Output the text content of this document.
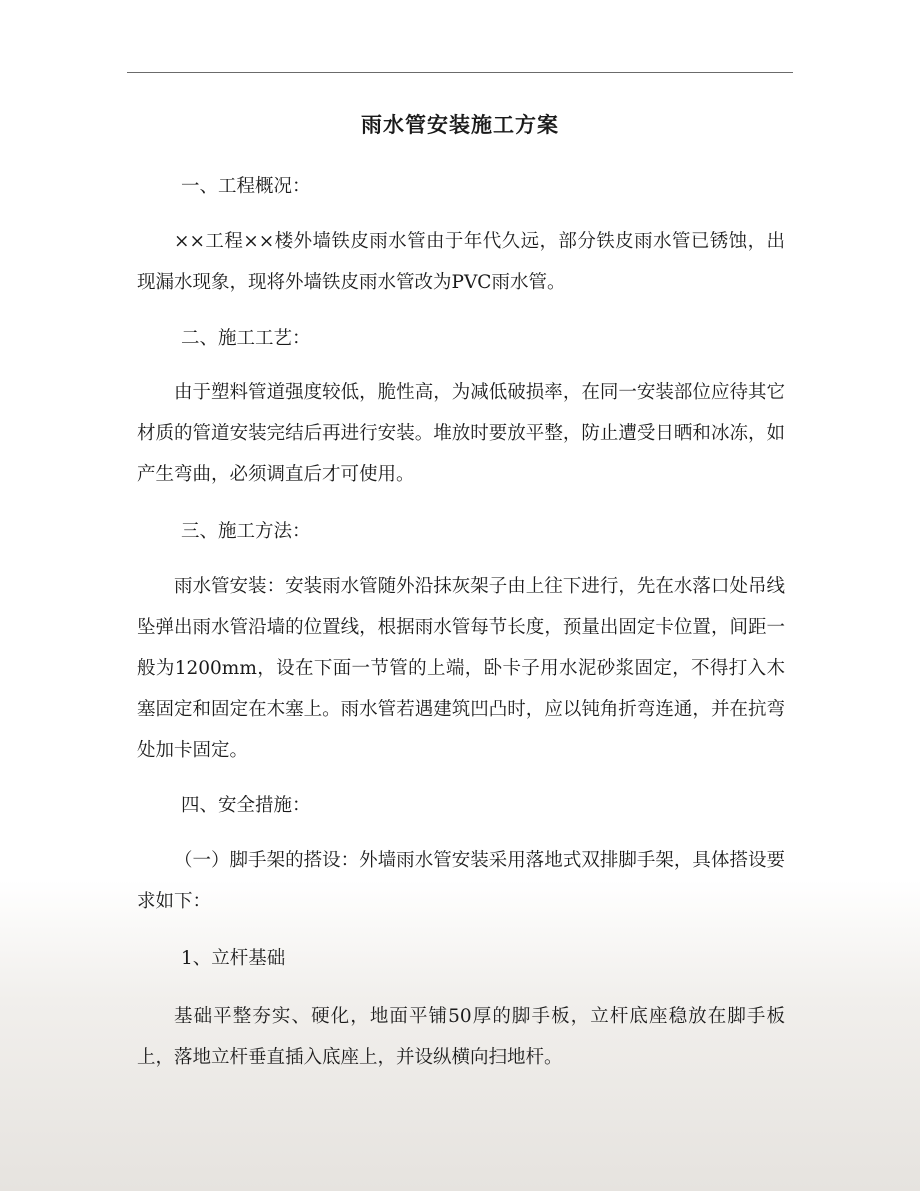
雨水管安装施工方案

一、工程概况：

××工程××楼外墙铁皮雨水管由于年代久远，部分铁皮雨水管已锈蚀，出现漏水现象，现将外墙铁皮雨水管改为PVC雨水管。

二、施工工艺：

由于塑料管道强度较低，脆性高，为减低破损率，在同一安装部位应待其它材质的管道安装完结后再进行安装。堆放时要放平整，防止遭受日晒和冰冻，如产生弯曲，必须调直后才可使用。

三、施工方法：

雨水管安装：安装雨水管随外沿抹灰架子由上往下进行，先在水落口处吊线坠弹出雨水管沿墙的位置线，根据雨水管每节长度，预量出固定卡位置，间距一般为1200mm，设在下面一节管的上端，卧卡子用水泥砂浆固定，不得打入木塞固定和固定在木塞上。雨水管若遇建筑凹凸时，应以钝角折弯连通，并在抗弯处加卡固定。

四、安全措施：

（一）脚手架的搭设：外墙雨水管安装采用落地式双排脚手架，具体搭设要求如下：

1、立杆基础

基础平整夯实、硬化，地面平铺50厚的脚手板，立杆底座稳放在脚手板上，落地立杆垂直插入底座上，并设纵横向扫地杆。
